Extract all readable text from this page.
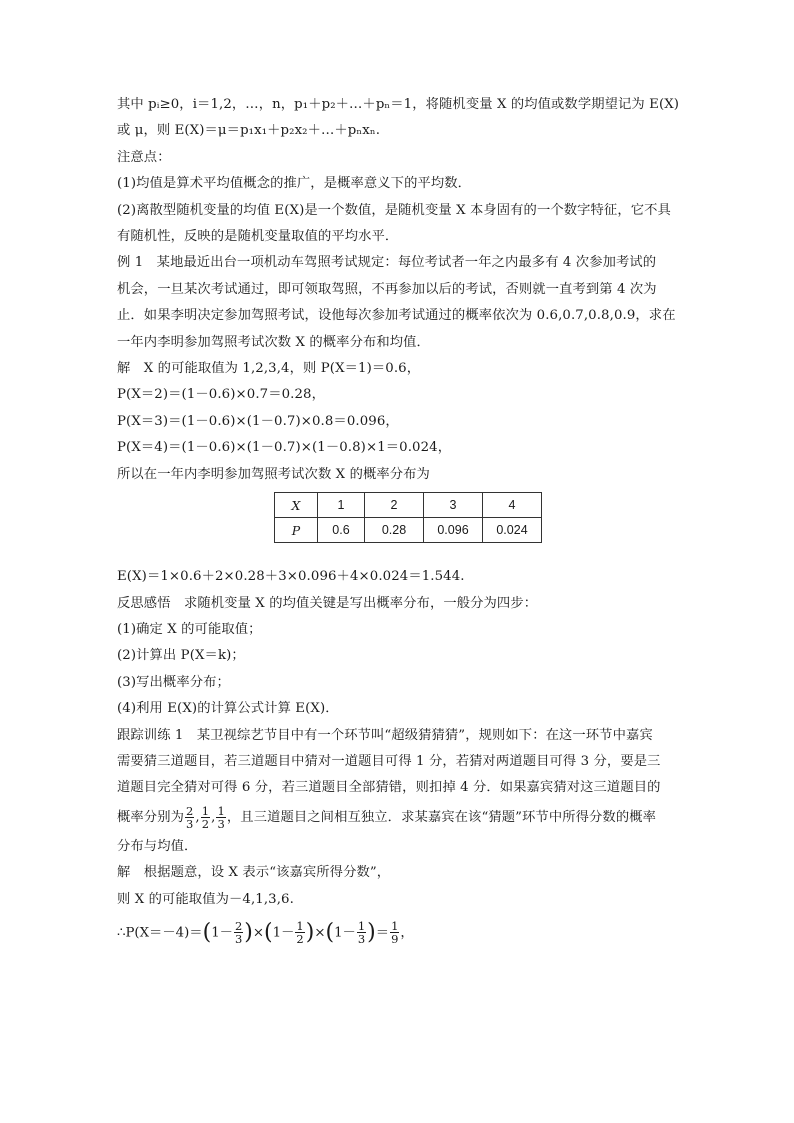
其中 pᵢ≥0，i＝1,2，…，n，p₁＋p₂＋…＋pₙ＝1，将随机变量 X 的均值或数学期望记为 E(X)
或 μ，则 E(X)＝μ＝p₁x₁＋p₂x₂＋…＋pₙxₙ.
注意点：
(1)均值是算术平均值概念的推广，是概率意义下的平均数．
(2)离散型随机变量的均值 E(X)是一个数值，是随机变量 X 本身固有的一个数字特征，它不具
有随机性，反映的是随机变量取值的平均水平．
例 1　某地最近出台一项机动车驾照考试规定：每位考试者一年之内最多有 4 次参加考试的
机会，一旦某次考试通过，即可领取驾照，不再参加以后的考试，否则就一直考到第 4 次为
止．如果李明决定参加驾照考试，设他每次参加考试通过的概率依次为 0.6,0.7,0.8,0.9，求在
一年内李明参加驾照考试次数 X 的概率分布和均值．
解　X 的可能取值为 1,2,3,4，则 P(X＝1)＝0.6，
P(X＝2)＝(1－0.6)×0.7＝0.28，
P(X＝3)＝(1－0.6)×(1－0.7)×0.8＝0.096，
P(X＝4)＝(1－0.6)×(1－0.7)×(1－0.8)×1＝0.024，
所以在一年内李明参加驾照考试次数 X 的概率分布为
X	1	2	3	4
P	0.6	0.28	0.096	0.024
E(X)＝1×0.6＋2×0.28＋3×0.096＋4×0.024＝1.544.
反思感悟　求随机变量 X 的均值关键是写出概率分布，一般分为四步：
(1)确定 X 的可能取值；
(2)计算出 P(X＝k)；
(3)写出概率分布；
(4)利用 E(X)的计算公式计算 E(X)．
跟踪训练 1　某卫视综艺节目中有一个环节叫“超级猜猜猜”，规则如下：在这一环节中嘉宾
需要猜三道题目，若三道题目中猜对一道题目可得 1 分，若猜对两道题目可得 3 分，要是三
道题目完全猜对可得 6 分，若三道题目全部猜错，则扣掉 4 分．如果嘉宾猜对这三道题目的
概率分别为 $\frac{2}{3}$ , $\frac{1}{2}$ , $\frac{1}{3}$ ，且三道题目之间相互独立．求某嘉宾在该“猜题”环节中所得分数的概率
分布与均值．
解　根据题意，设 X 表示“该嘉宾所得分数”，
则 X 的可能取值为－4,1,3,6.
∴P(X＝－4)＝(1－ $\frac{2}{3} )\times(1- \frac{1}{2} )\times(1- \frac{1}{3}$ )＝ $\frac{1}{9}$ ，
